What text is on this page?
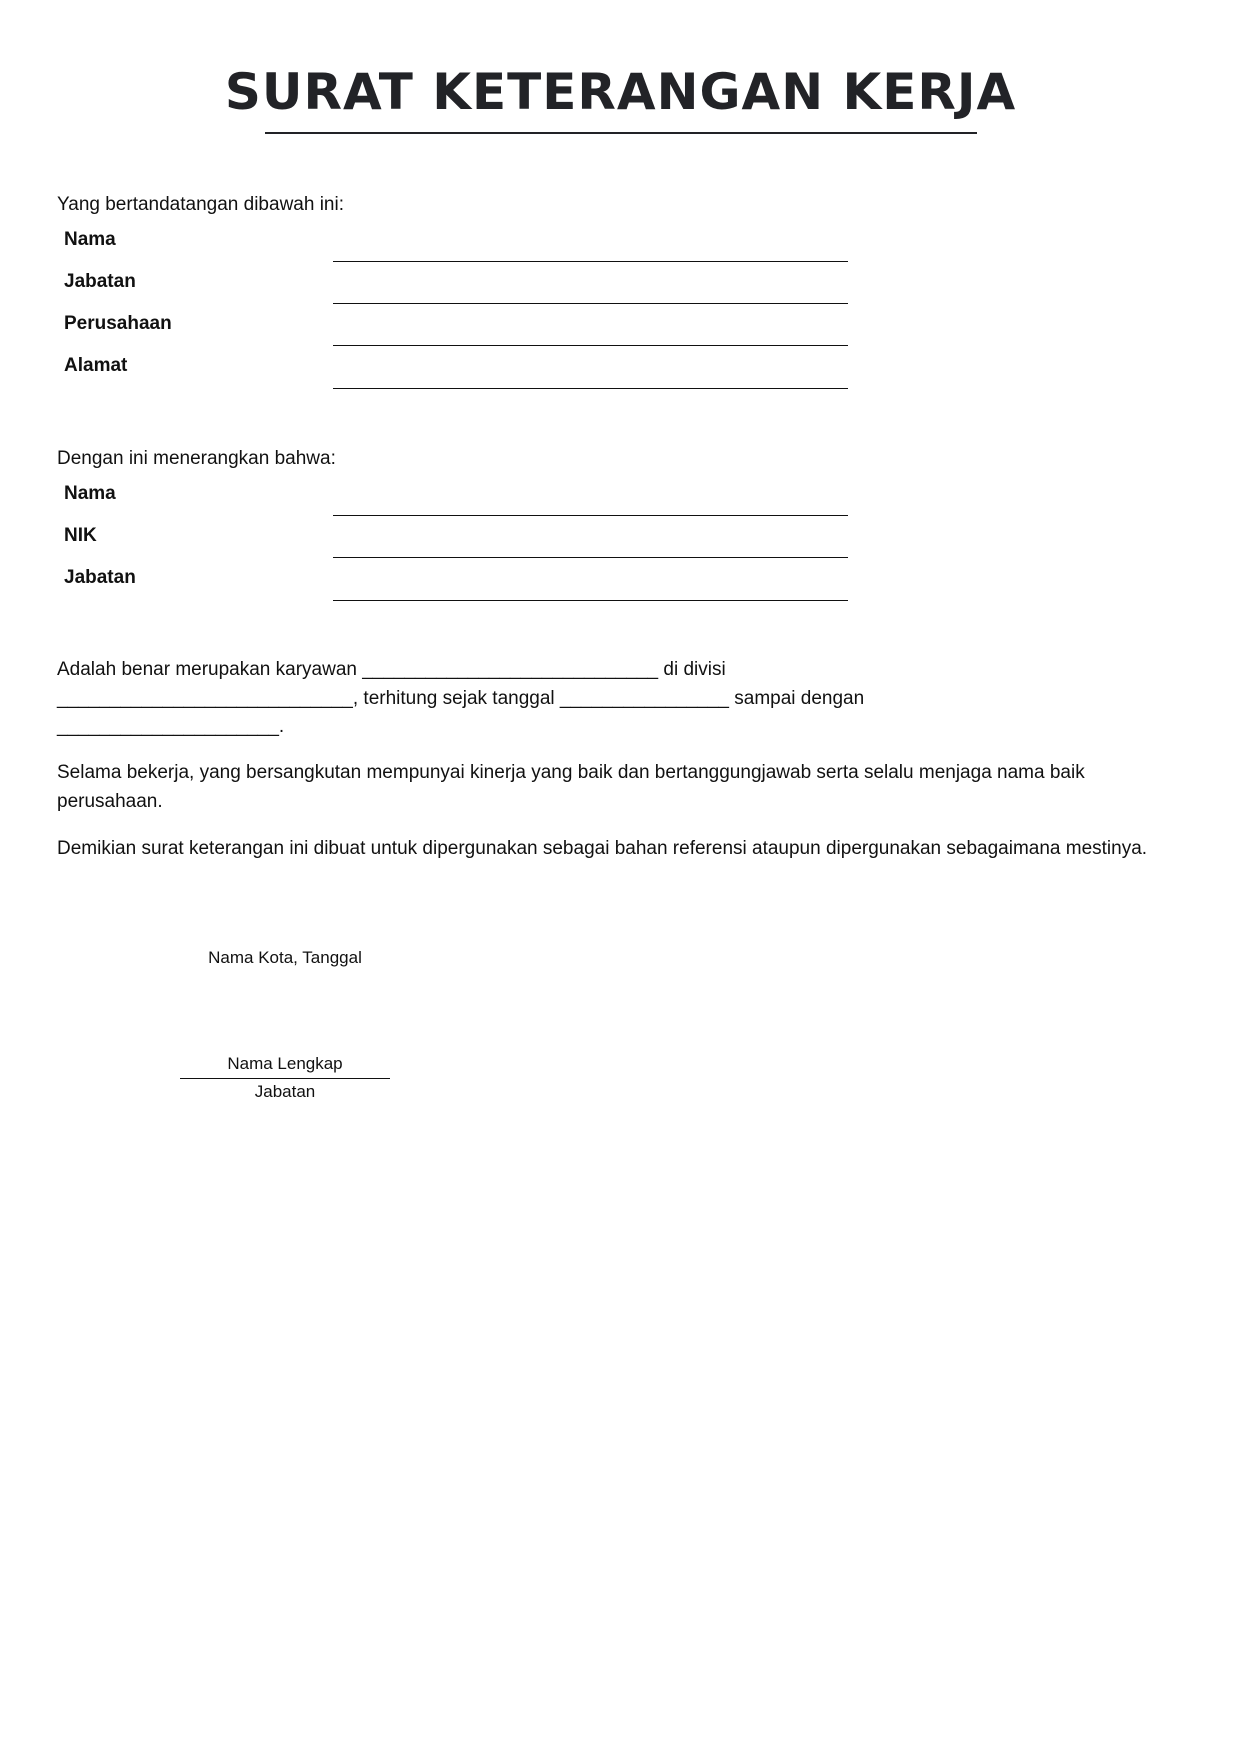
SURAT KETERANGAN KERJA
Yang bertandatangan dibawah ini:
Nama
Jabatan
Perusahaan
Alamat
Dengan ini menerangkan bahwa:
Nama
NIK
Jabatan
Adalah benar merupakan karyawan ____________________________ di divisi
____________________________, terhitung sejak tanggal ________________ sampai dengan
_____________________.
Selama bekerja, yang bersangkutan mempunyai kinerja yang baik dan bertanggungjawab serta selalu menjaga nama baik perusahaan.
Demikian surat keterangan ini dibuat untuk dipergunakan sebagai bahan referensi ataupun dipergunakan sebagaimana mestinya.
Nama Kota, Tanggal
Nama Lengkap
Jabatan
